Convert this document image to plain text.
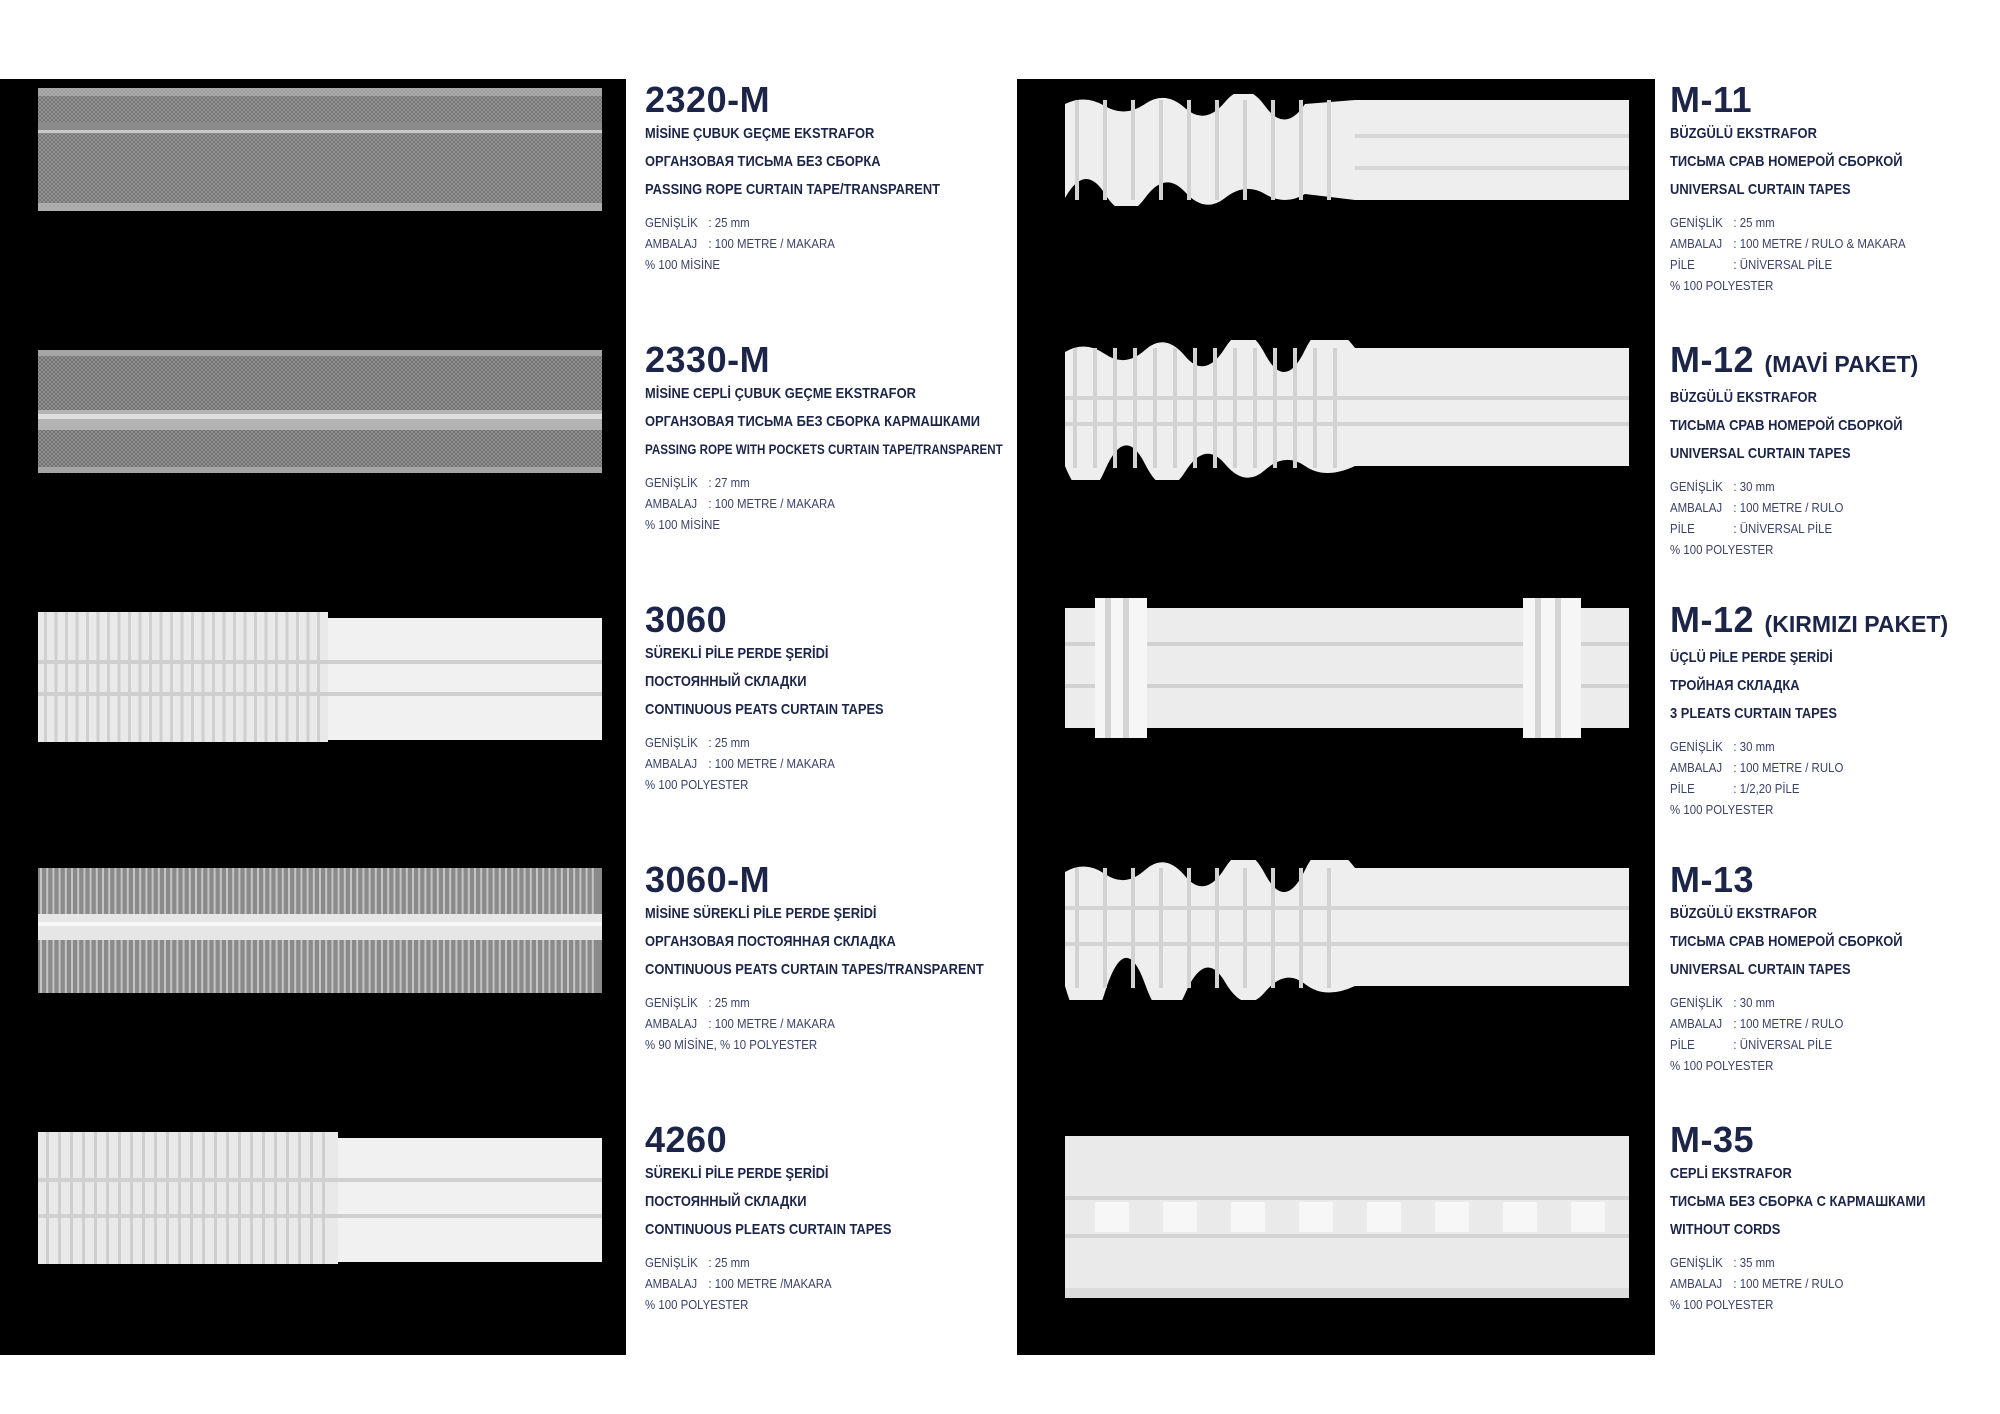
2320-M
MİSİNE ÇUBUK GEÇME EKSTRAFOR
ОРГАНЗОВАЯ ТИСЬМА БЕЗ СБОРКА
PASSING ROPE CURTAIN TAPE/TRANSPARENT
GENİŞLİK : 25 mm
AMBALAJ : 100 METRE / MAKARA
% 100 MİSİNE
2330-M
MİSİNE CEPLİ ÇUBUK GEÇME EKSTRAFOR
ОРГАНЗОВАЯ ТИСЬМА БЕЗ СБОРКА КАРМАШКАМИ
PASSING ROPE WITH POCKETS CURTAIN TAPE/TRANSPARENT
GENİŞLİK : 27 mm
AMBALAJ : 100 METRE / MAKARA
% 100 MİSİNE
3060
SÜREKLİ PİLE PERDE ŞERİDİ
ПОСТОЯННЫЙ СКЛАДКИ
CONTINUOUS PEATS CURTAIN TAPES
GENİŞLİK : 25 mm
AMBALAJ : 100 METRE / MAKARA
% 100 POLYESTER
3060-M
MİSİNE SÜREKLİ PİLE PERDE ŞERİDİ
ОРГАНЗОВАЯ ПОСТОЯННАЯ СКЛАДКА
CONTINUOUS PEATS CURTAIN TAPES/TRANSPARENT
GENİŞLİK : 25 mm
AMBALAJ : 100 METRE / MAKARA
% 90 MİSİNE, % 10 POLYESTER
4260
SÜREKLİ PİLE PERDE ŞERİDİ
ПОСТОЯННЫЙ СКЛАДКИ
CONTINUOUS PLEATS CURTAIN TAPES
GENİŞLİK : 25 mm
AMBALAJ : 100 METRE /MAKARA
% 100 POLYESTER
M-11
BÜZGÜLÜ EKSTRAFOR
ТИСЬМА СРАВ НОМЕРОЙ СБОРКОЙ
UNIVERSAL CURTAIN TAPES
GENİŞLİK : 25 mm
AMBALAJ : 100 METRE / RULO & MAKARA
PİLE	: ÜNİVERSAL PİLE
% 100 POLYESTER
M-12 (MAVİ PAKET)
BÜZGÜLÜ EKSTRAFOR
ТИСЬМА СРАВ НОМЕРОЙ СБОРКОЙ
UNIVERSAL CURTAIN TAPES
GENİŞLİK : 30 mm
AMBALAJ : 100 METRE / RULO
PİLE	: ÜNİVERSAL PİLE
% 100 POLYESTER
M-12 (KIRMIZI PAKET)
ÜÇLÜ PİLE PERDE ŞERİDİ
ТРОЙНАЯ СКЛАДКА
3 PLEATS CURTAIN TAPES
GENİŞLİK : 30 mm
AMBALAJ : 100 METRE / RULO
PİLE	: 1/2,20 PİLE
% 100 POLYESTER
M-13
BÜZGÜLÜ EKSTRAFOR
ТИСЬМА СРАВ НОМЕРОЙ СБОРКОЙ
UNIVERSAL CURTAIN TAPES
GENİŞLİK : 30 mm
AMBALAJ : 100 METRE / RULO
PİLE	: ÜNİVERSAL PİLE
% 100 POLYESTER
M-35
CEPLİ EKSTRAFOR
ТИСЬМА БЕЗ СБОРКА С КАРМАШКАМИ
WITHOUT CORDS
GENİŞLİK : 35 mm
AMBALAJ : 100 METRE / RULO
% 100 POLYESTER
